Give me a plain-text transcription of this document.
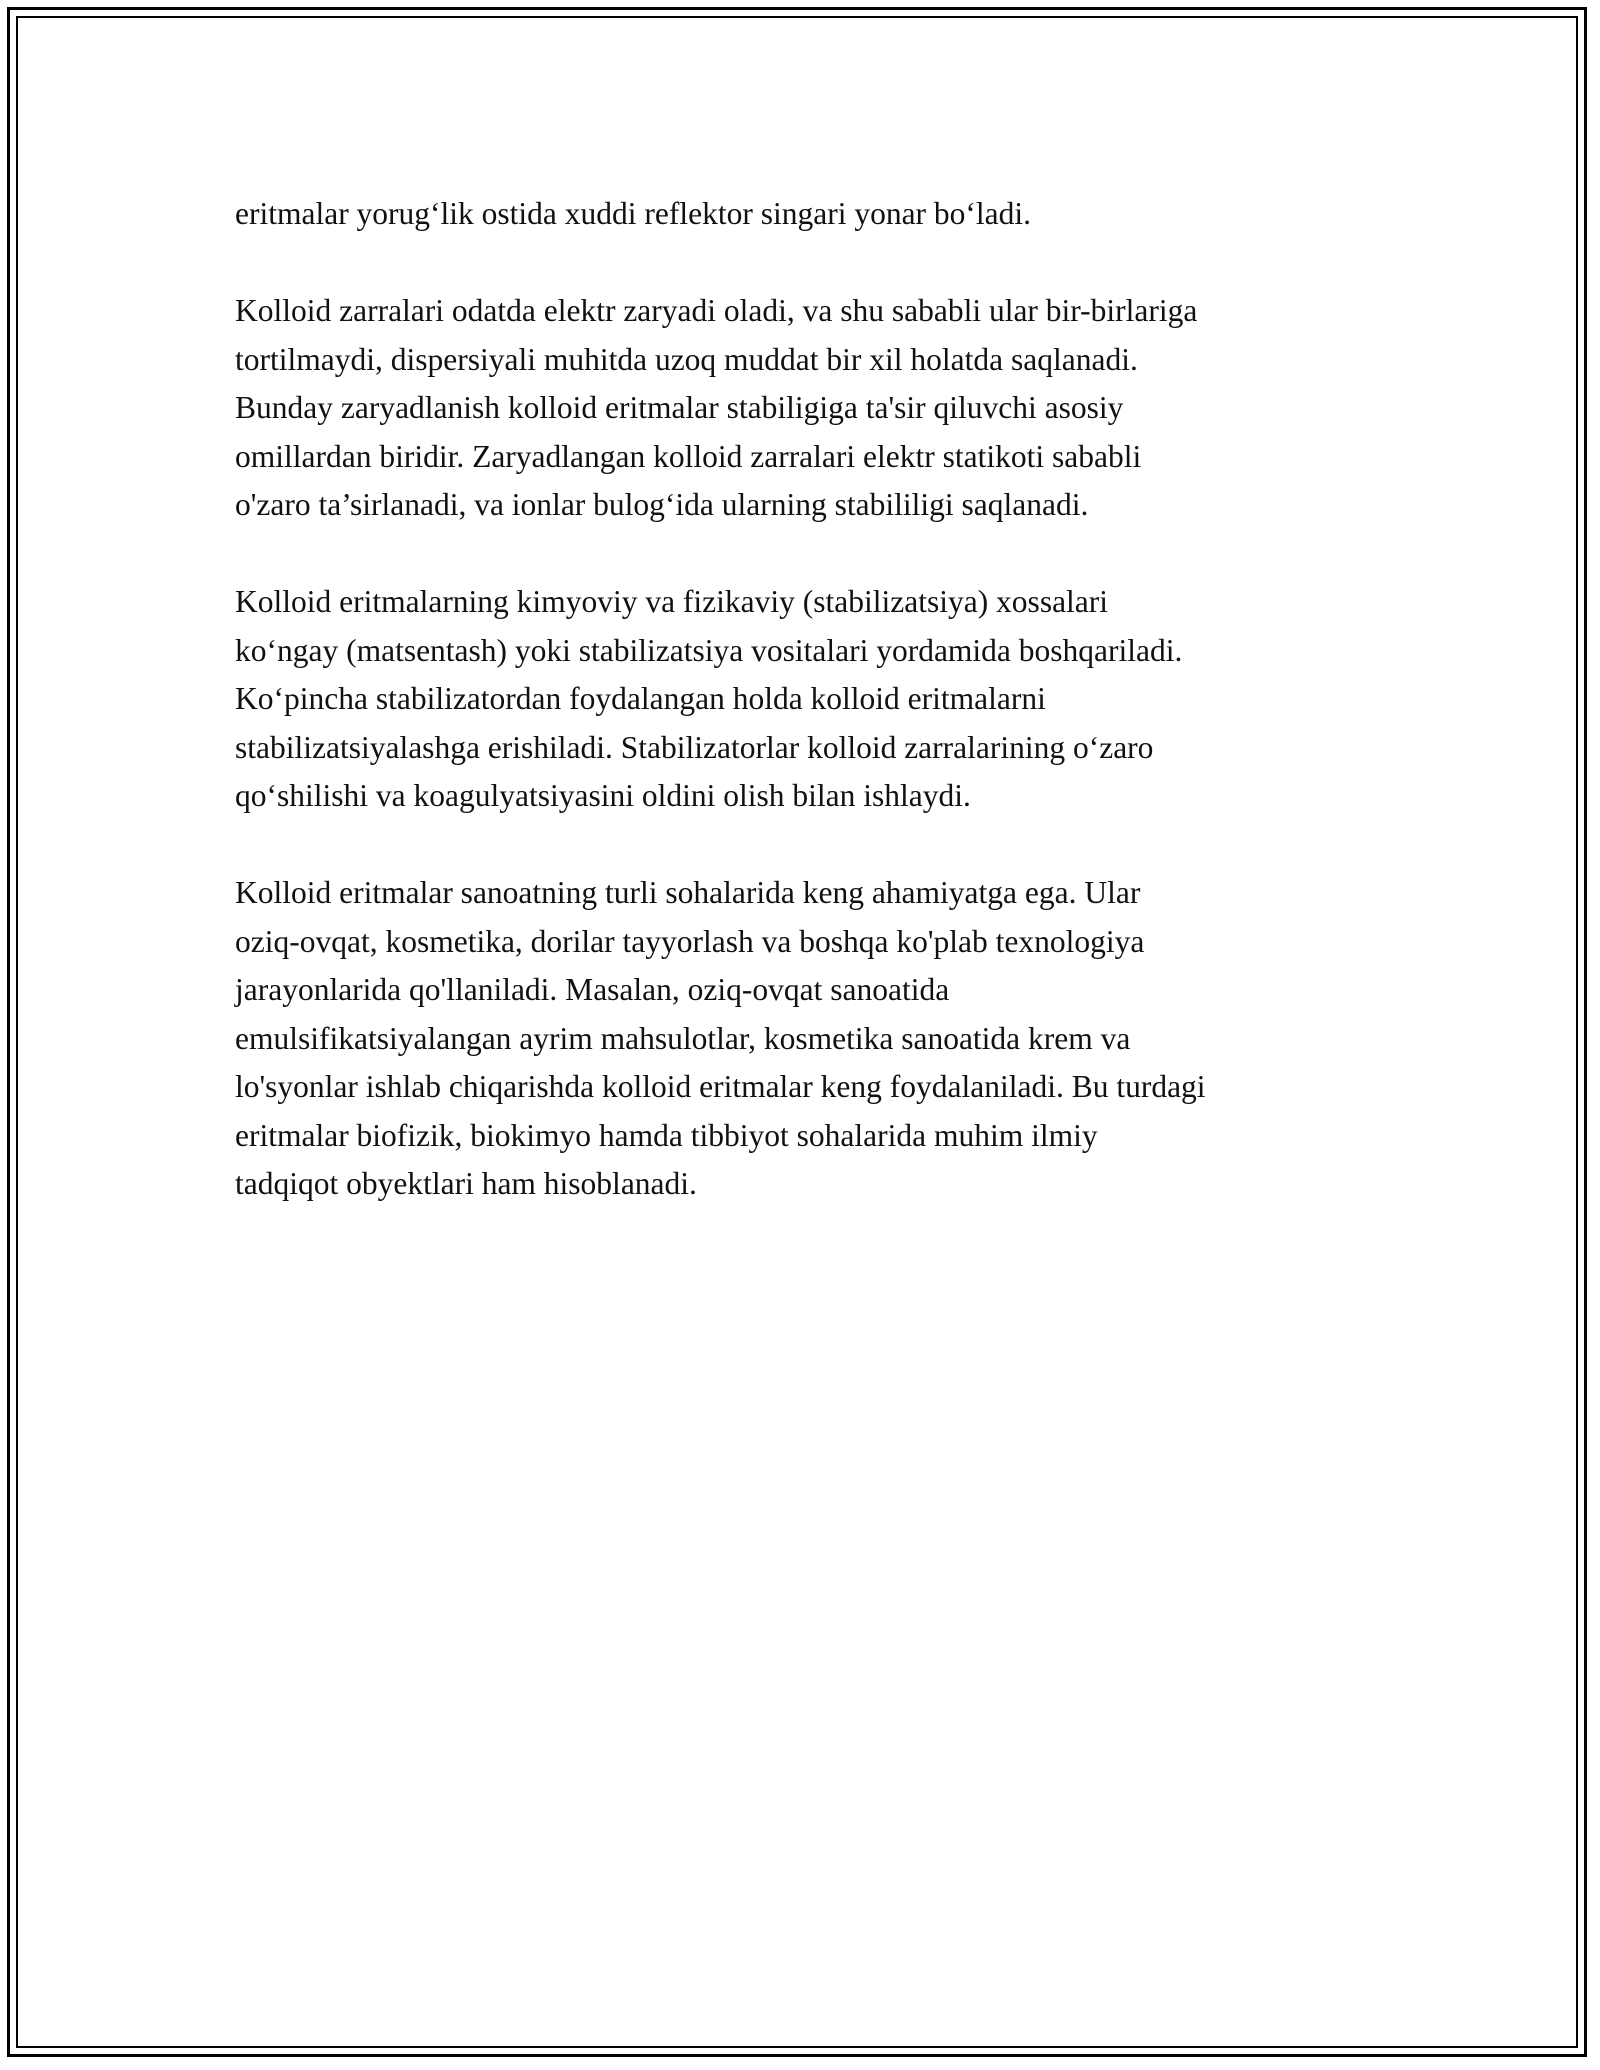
eritmalar yorug‘lik ostida xuddi reflektor singari yonar bo‘ladi.

Kolloid zarralari odatda elektr zaryadi oladi, va shu sababli ular bir-birlariga
tortilmaydi, dispersiyali muhitda uzoq muddat bir xil holatda saqlanadi.
Bunday zaryadlanish kolloid eritmalar stabiligiga ta'sir qiluvchi asosiy
omillardan biridir. Zaryadlangan kolloid zarralari elektr statikoti sababli
o'zaro ta’sirlanadi, va ionlar bulog‘ida ularning stabililigi saqlanadi.

Kolloid eritmalarning kimyoviy va fizikaviy (stabilizatsiya) xossalari
ko‘ngay (matsentash) yoki stabilizatsiya vositalari yordamida boshqariladi.
Ko‘pincha stabilizatordan foydalangan holda kolloid eritmalarni
stabilizatsiyalashga erishiladi. Stabilizatorlar kolloid zarralarining o‘zaro
qo‘shilishi va koagulyatsiyasini oldini olish bilan ishlaydi.

Kolloid eritmalar sanoatning turli sohalarida keng ahamiyatga ega. Ular
oziq-ovqat, kosmetika, dorilar tayyorlash va boshqa ko'plab texnologiya
jarayonlarida qo'llaniladi. Masalan, oziq-ovqat sanoatida
emulsifikatsiyalangan ayrim mahsulotlar, kosmetika sanoatida krem va
lo'syonlar ishlab chiqarishda kolloid eritmalar keng foydalaniladi. Bu turdagi
eritmalar biofizik, biokimyo hamda tibbiyot sohalarida muhim ilmiy
tadqiqot obyektlari ham hisoblanadi.
